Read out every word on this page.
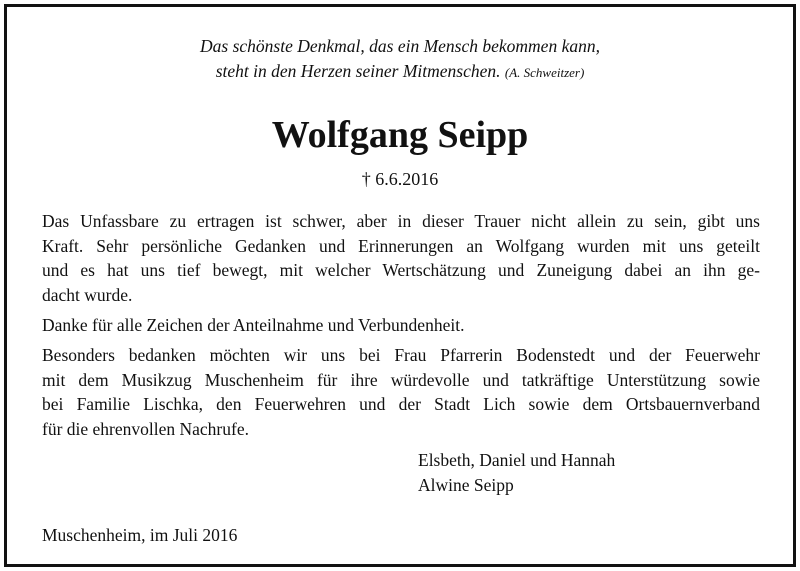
Das schönste Denkmal, das ein Mensch bekommen kann,
steht in den Herzen seiner Mitmenschen. (A. Schweitzer)
Wolfgang Seipp
† 6.6.2016
Das Unfassbare zu ertragen ist schwer, aber in dieser Trauer nicht allein zu sein, gibt uns
Kraft. Sehr persönliche Gedanken und Erinnerungen an Wolfgang wurden mit uns geteilt
und es hat uns tief bewegt, mit welcher Wertschätzung und Zuneigung dabei an ihn ge-
dacht wurde.
Danke für alle Zeichen der Anteilnahme und Verbundenheit.
Besonders bedanken möchten wir uns bei Frau Pfarrerin Bodenstedt und der Feuerwehr
mit dem Musikzug Muschenheim für ihre würdevolle und tatkräftige Unterstützung sowie
bei Familie Lischka, den Feuerwehren und der Stadt Lich sowie dem Ortsbauernverband
für die ehrenvollen Nachrufe.
Elsbeth, Daniel und Hannah
Alwine Seipp
Muschenheim, im Juli 2016
